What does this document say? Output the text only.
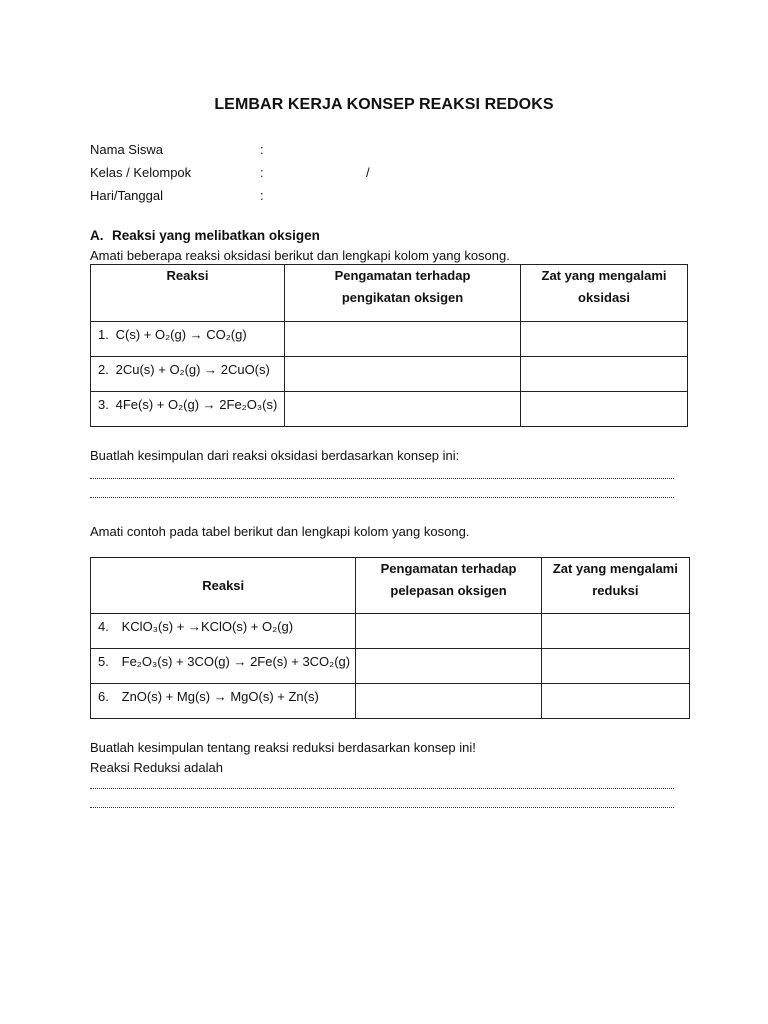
LEMBAR KERJA KONSEP REAKSI REDOKS
Nama Siswa	:
Kelas / Kelompok	:	/
Hari/Tanggal	:
A. Reaksi yang melibatkan oksigen
Amati beberapa reaksi oksidasi berikut dan lengkapi kolom yang kosong.
Reaksi	Pengamatan terhadap pengikatan oksigen	Zat yang mengalami oksidasi
1. C(s) + O₂(g) → CO₂(g)		
2. 2Cu(s) + O₂(g) → 2CuO(s)		
3. 4Fe(s) + O₂(g) → 2Fe₂O₃(s)		
Buatlah kesimpulan dari reaksi oksidasi berdasarkan konsep ini:
Amati contoh pada tabel berikut dan lengkapi kolom yang kosong.
Reaksi	Pengamatan terhadap pelepasan oksigen	Zat yang mengalami reduksi
4. KClO₃(s) + →KClO(s) + O₂(g)		
5. Fe₂O₃(s) + 3CO(g) → 2Fe(s) + 3CO₂(g)		
6. ZnO(s) + Mg(s) → MgO(s) + Zn(s)		
Buatlah kesimpulan tentang reaksi reduksi berdasarkan konsep ini!
Reaksi Reduksi adalah
